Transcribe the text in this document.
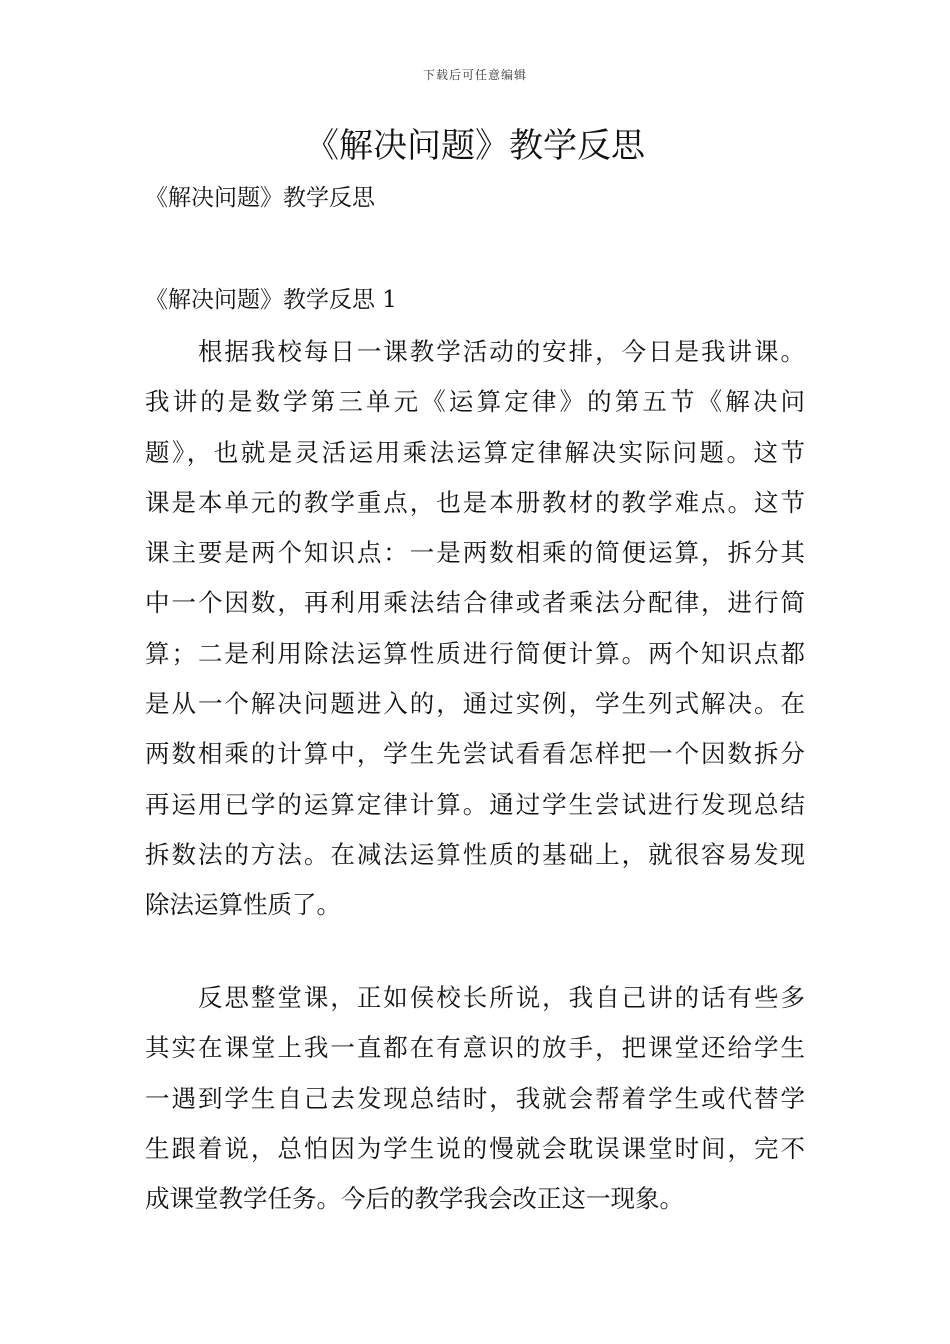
下载后可任意编辑
《解决问题》教学反思
《解决问题》教学反思
《解决问题》教学反思 1
　　根据我校每日一课教学活动的安排，今日是我讲课。
我讲的是数学第三单元《运算定律》的第五节《解决问
题》，也就是灵活运用乘法运算定律解决实际问题。这节
课是本单元的教学重点，也是本册教材的教学难点。这节
课主要是两个知识点：一是两数相乘的简便运算，拆分其
中一个因数，再利用乘法结合律或者乘法分配律，进行简
算；二是利用除法运算性质进行简便计算。两个知识点都
是从一个解决问题进入的，通过实例，学生列式解决。在
两数相乘的计算中，学生先尝试看看怎样把一个因数拆分
再运用已学的运算定律计算。通过学生尝试进行发现总结
拆数法的方法。在减法运算性质的基础上，就很容易发现
除法运算性质了。
　　反思整堂课，正如侯校长所说，我自己讲的话有些多
其实在课堂上我一直都在有意识的放手，把课堂还给学生
一遇到学生自己去发现总结时，我就会帮着学生或代替学
生跟着说，总怕因为学生说的慢就会耽误课堂时间，完不
成课堂教学任务。今后的教学我会改正这一现象。
